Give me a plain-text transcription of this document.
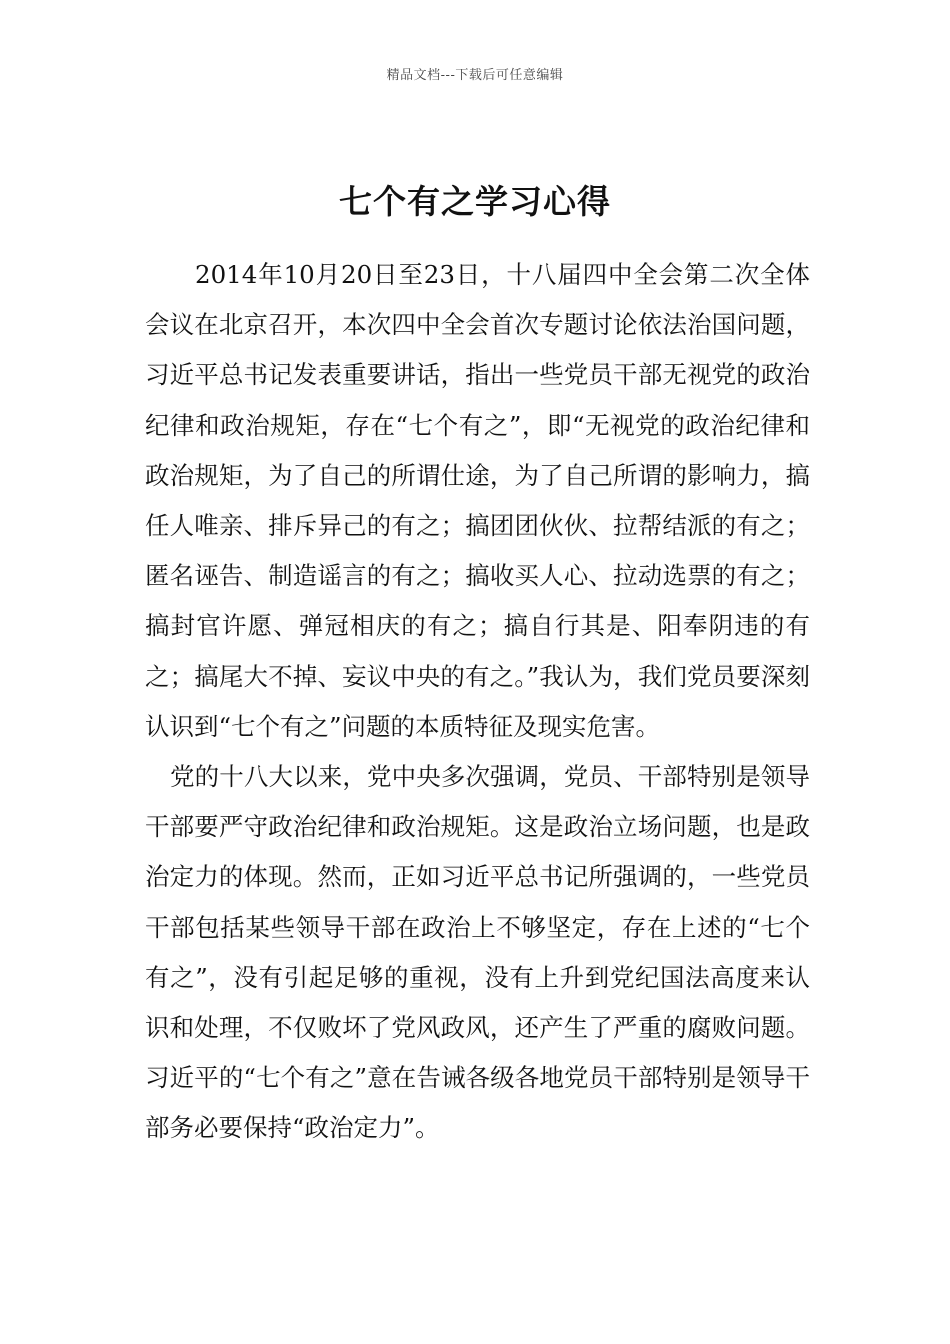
精品文档---下载后可任意编辑
七个有之学习心得

2014年10月20日至23日，十八届四中全会第二次全体会议在北京召开，本次四中全会首次专题讨论依法治国问题，习近平总书记发表重要讲话，指出一些党员干部无视党的政治纪律和政治规矩，存在“七个有之”，即“无视党的政治纪律和政治规矩，为了自己的所谓仕途，为了自己所谓的影响力，搞任人唯亲、排斥异己的有之；搞团团伙伙、拉帮结派的有之；匿名诬告、制造谣言的有之；搞收买人心、拉动选票的有之；搞封官许愿、弹冠相庆的有之；搞自行其是、阳奉阴违的有之；搞尾大不掉、妄议中央的有之。”我认为，我们党员要深刻认识到“七个有之”问题的本质特征及现实危害。

党的十八大以来，党中央多次强调，党员、干部特别是领导干部要严守政治纪律和政治规矩。这是政治立场问题，也是政治定力的体现。然而，正如习近平总书记所强调的，一些党员干部包括某些领导干部在政治上不够坚定，存在上述的“七个有之”，没有引起足够的重视，没有上升到党纪国法高度来认识和处理，不仅败坏了党风政风，还产生了严重的腐败问题。习近平的“七个有之”意在告诫各级各地党员干部特别是领导干部务必要保持“政治定力”。
